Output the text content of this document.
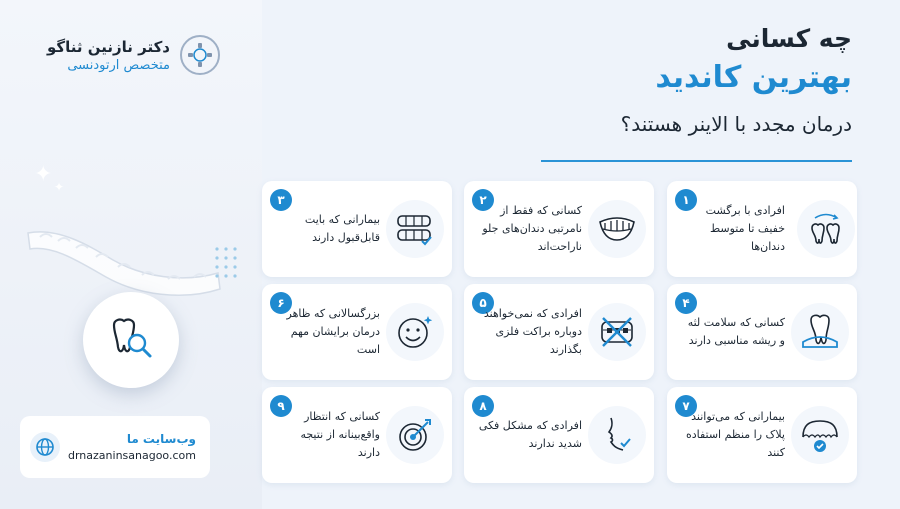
دکتر نازنین ثناگو
متخصص ارتودنسی
✦ ✦
وب‌سایت ما
drnazaninsanagoo.com
چه کسانی
بهترین کاندید
درمان مجدد با الاینر هستند؟
۱
افرادی با برگشت خفیف تا متوسط دندان‌ها
۲
کسانی که فقط از نامرتبی دندان‌های جلو ناراحت‌اند
۳
بیمارانی که بایت قابل‌قبول دارند
۴
کسانی که سلامت لثه و ریشه مناسبی دارند
۵
افرادی که نمی‌خواهند دوباره براکت فلزی بگذارند
۶
بزرگسالانی که ظاهر درمان برایشان مهم است
۷
بیمارانی که می‌توانند پلاک را منظم استفاده کنند
۸
افرادی که مشکل فکی شدید ندارند
۹
کسانی که انتظار واقع‌بینانه از نتیجه دارند
